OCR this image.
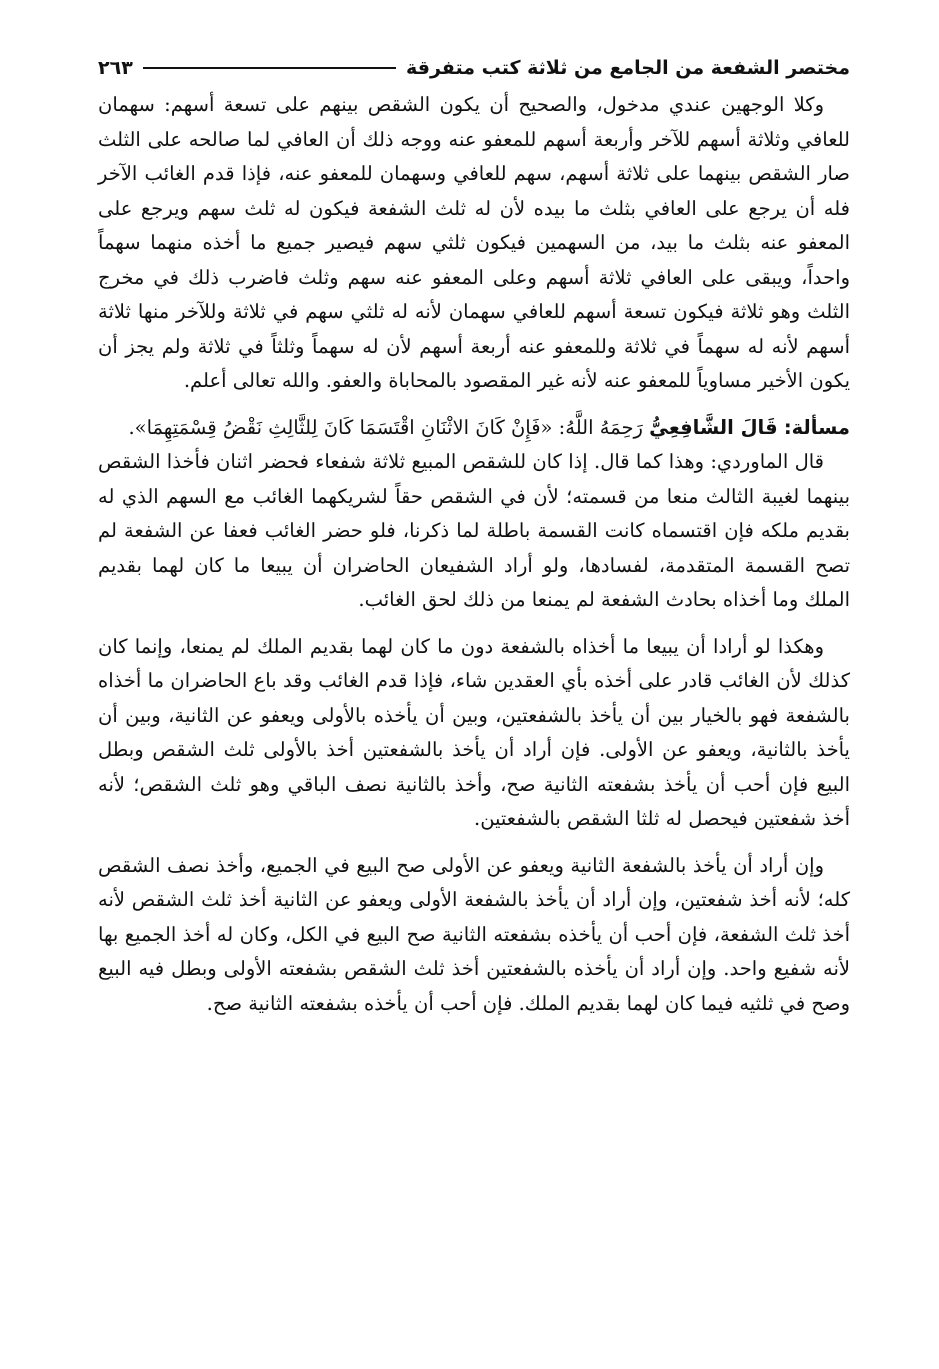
مختصر الشفعة من الجامع من ثلاثة كتب متفرقة
٢٦٣

وكلا الوجهين عندي مدخول، والصحيح أن يكون الشقص بينهم على تسعة أسهم: سهمان للعافي وثلاثة أسهم للآخر وأربعة أسهم للمعفو عنه ووجه ذلك أن العافي لما صالحه على الثلث صار الشقص بينهما على ثلاثة أسهم، سهم للعافي وسهمان للمعفو عنه، فإذا قدم الغائب الآخر فله أن يرجع على العافي بثلث ما بيده لأن له ثلث الشفعة فيكون له ثلث سهم ويرجع على المعفو عنه بثلث ما بيد، من السهمين فيكون ثلثي سهم فيصير جميع ما أخذه منهما سهماً واحداً، ويبقى على العافي ثلاثة أسهم وعلى المعفو عنه سهم وثلث فاضرب ذلك في مخرج الثلث وهو ثلاثة فيكون تسعة أسهم للعافي سهمان لأنه له ثلثي سهم في ثلاثة وللآخر منها ثلاثة أسهم لأنه له سهماً في ثلاثة وللمعفو عنه أربعة أسهم لأن له سهماً وثلثاً في ثلاثة ولم يجز أن يكون الأخير مساوياً للمعفو عنه لأنه غير المقصود بالمحاباة والعفو. والله تعالى أعلم.

مسألة: قَالَ الشَّافِعِيُّ رَحِمَهُ اللَّهُ: «فَإِنْ كَانَ الاثْنَانِ اقْتَسَمَا كَانَ لِلثَّالِثِ نَقْضُ قِسْمَتِهِمَا».

قال الماوردي: وهذا كما قال. إذا كان للشقص المبيع ثلاثة شفعاء فحضر اثنان فأخذا الشقص بينهما لغيبة الثالث منعا من قسمته؛ لأن في الشقص حقاً لشريكهما الغائب مع السهم الذي له بقديم ملكه فإن اقتسماه كانت القسمة باطلة لما ذكرنا، فلو حضر الغائب فعفا عن الشفعة لم تصح القسمة المتقدمة، لفسادها، ولو أراد الشفيعان الحاضران أن يبيعا ما كان لهما بقديم الملك وما أخذاه بحادث الشفعة لم يمنعا من ذلك لحق الغائب.

وهكذا لو أرادا أن يبيعا ما أخذاه بالشفعة دون ما كان لهما بقديم الملك لم يمنعا، وإنما كان كذلك لأن الغائب قادر على أخذه بأي العقدين شاء، فإذا قدم الغائب وقد باع الحاضران ما أخذاه بالشفعة فهو بالخيار بين أن يأخذ بالشفعتين، وبين أن يأخذه بالأولى ويعفو عن الثانية، وبين أن يأخذ بالثانية، ويعفو عن الأولى. فإن أراد أن يأخذ بالشفعتين أخذ بالأولى ثلث الشقص وبطل البيع فإن أحب أن يأخذ بشفعته الثانية صح، وأخذ بالثانية نصف الباقي وهو ثلث الشقص؛ لأنه أخذ شفعتين فيحصل له ثلثا الشقص بالشفعتين.

وإن أراد أن يأخذ بالشفعة الثانية ويعفو عن الأولى صح البيع في الجميع، وأخذ نصف الشقص كله؛ لأنه أخذ شفعتين، وإن أراد أن يأخذ بالشفعة الأولى ويعفو عن الثانية أخذ ثلث الشقص لأنه أخذ ثلث الشفعة، فإن أحب أن يأخذه بشفعته الثانية صح البيع في الكل، وكان له أخذ الجميع بها لأنه شفيع واحد. وإن أراد أن يأخذه بالشفعتين أخذ ثلث الشقص بشفعته الأولى وبطل فيه البيع وصح في ثلثيه فيما كان لهما بقديم الملك. فإن أحب أن يأخذه بشفعته الثانية صح.
